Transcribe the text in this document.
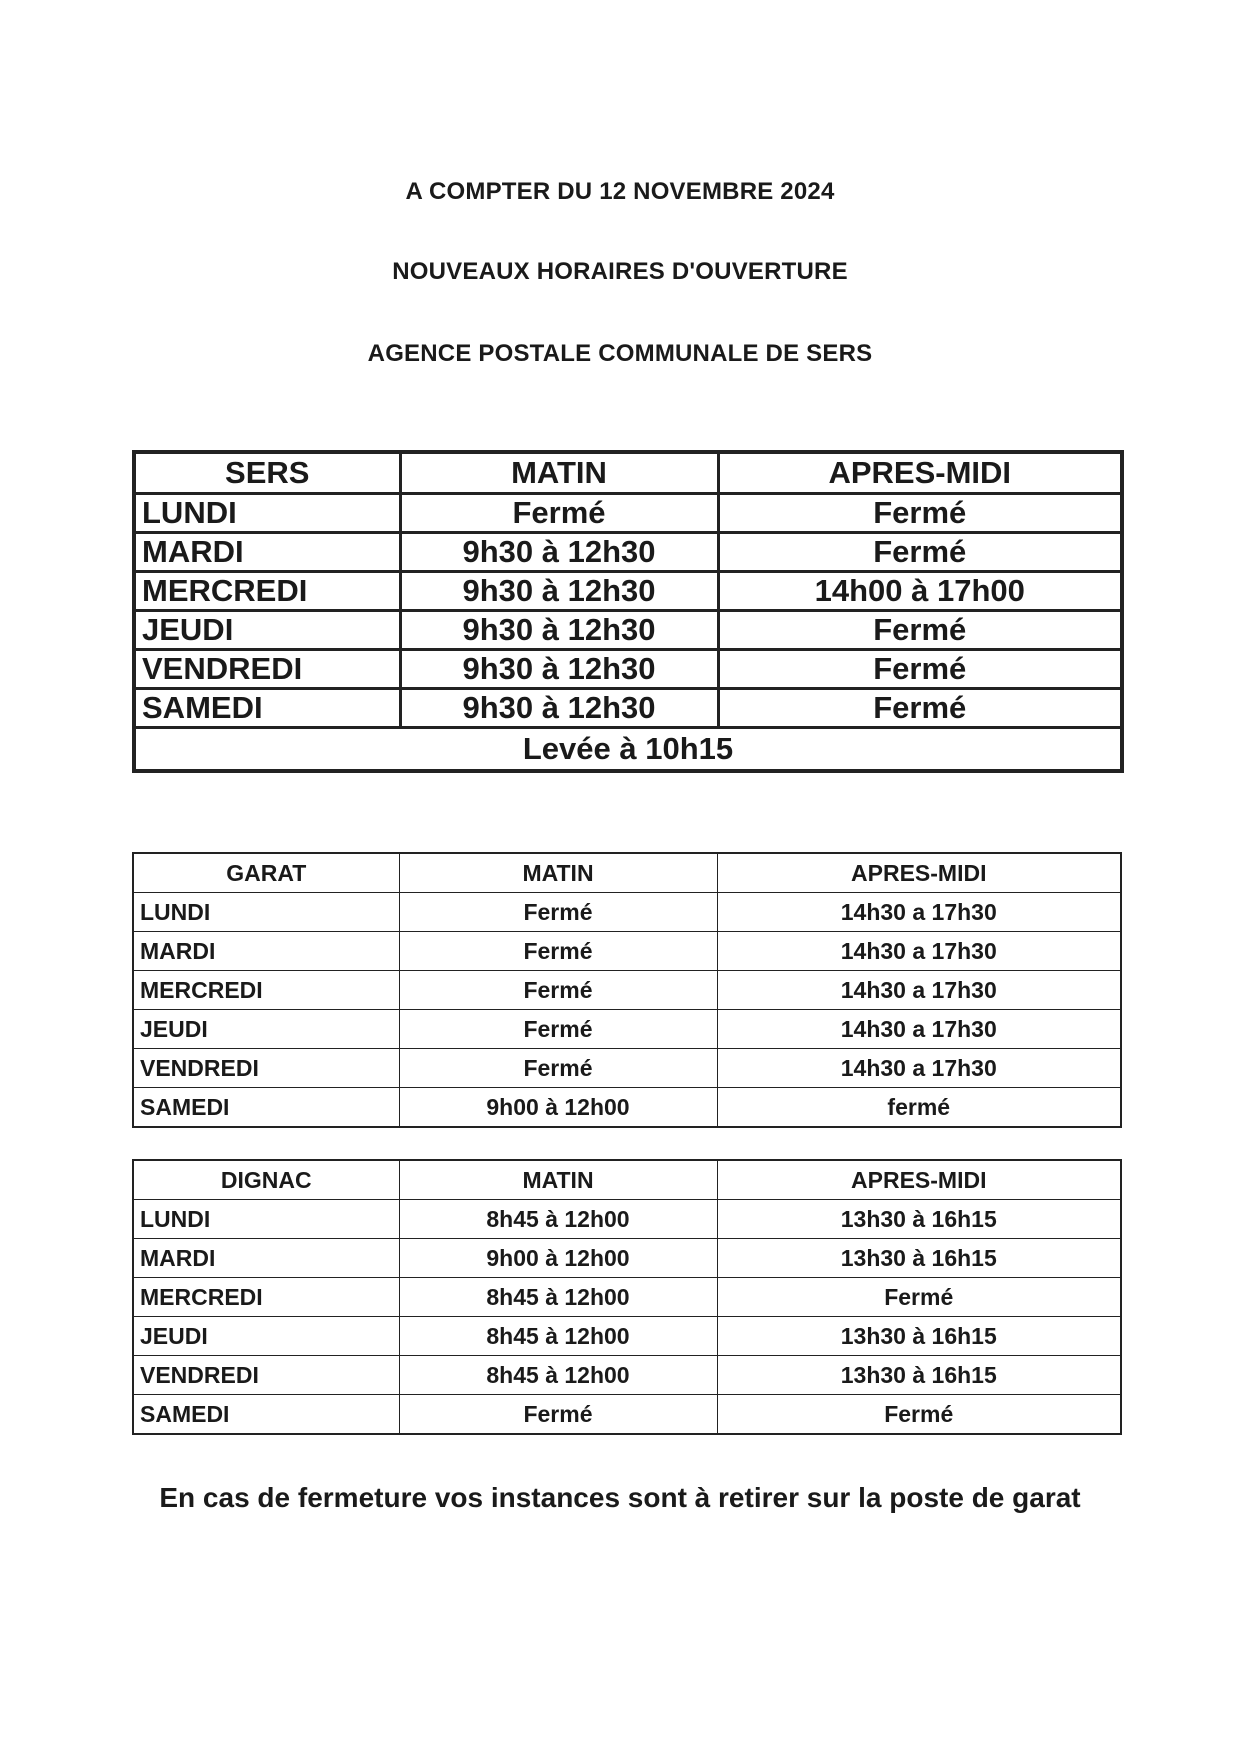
A COMPTER DU 12 NOVEMBRE 2024

NOUVEAUX HORAIRES D'OUVERTURE

AGENCE POSTALE COMMUNALE DE SERS

SERS	MATIN	APRES-MIDI
LUNDI	Fermé	Fermé
MARDI	9h30 à 12h30	Fermé
MERCREDI	9h30 à 12h30	14h00 à 17h00
JEUDI	9h30 à 12h30	Fermé
VENDREDI	9h30 à 12h30	Fermé
SAMEDI	9h30 à 12h30	Fermé
Levée à 10h15		
GARAT	MATIN	APRES-MIDI
LUNDI	Fermé	14h30 a 17h30
MARDI	Fermé	14h30 a 17h30
MERCREDI	Fermé	14h30 a 17h30
JEUDI	Fermé	14h30 a 17h30
VENDREDI	Fermé	14h30 a 17h30
SAMEDI	9h00 à 12h00	fermé
DIGNAC	MATIN	APRES-MIDI
LUNDI	8h45 à 12h00	13h30 à 16h15
MARDI	9h00 à 12h00	13h30 à 16h15
MERCREDI	8h45 à 12h00	Fermé
JEUDI	8h45 à 12h00	13h30 à 16h15
VENDREDI	8h45 à 12h00	13h30 à 16h15
SAMEDI	Fermé	Fermé

En cas de fermeture vos instances sont à retirer sur la poste de garat
